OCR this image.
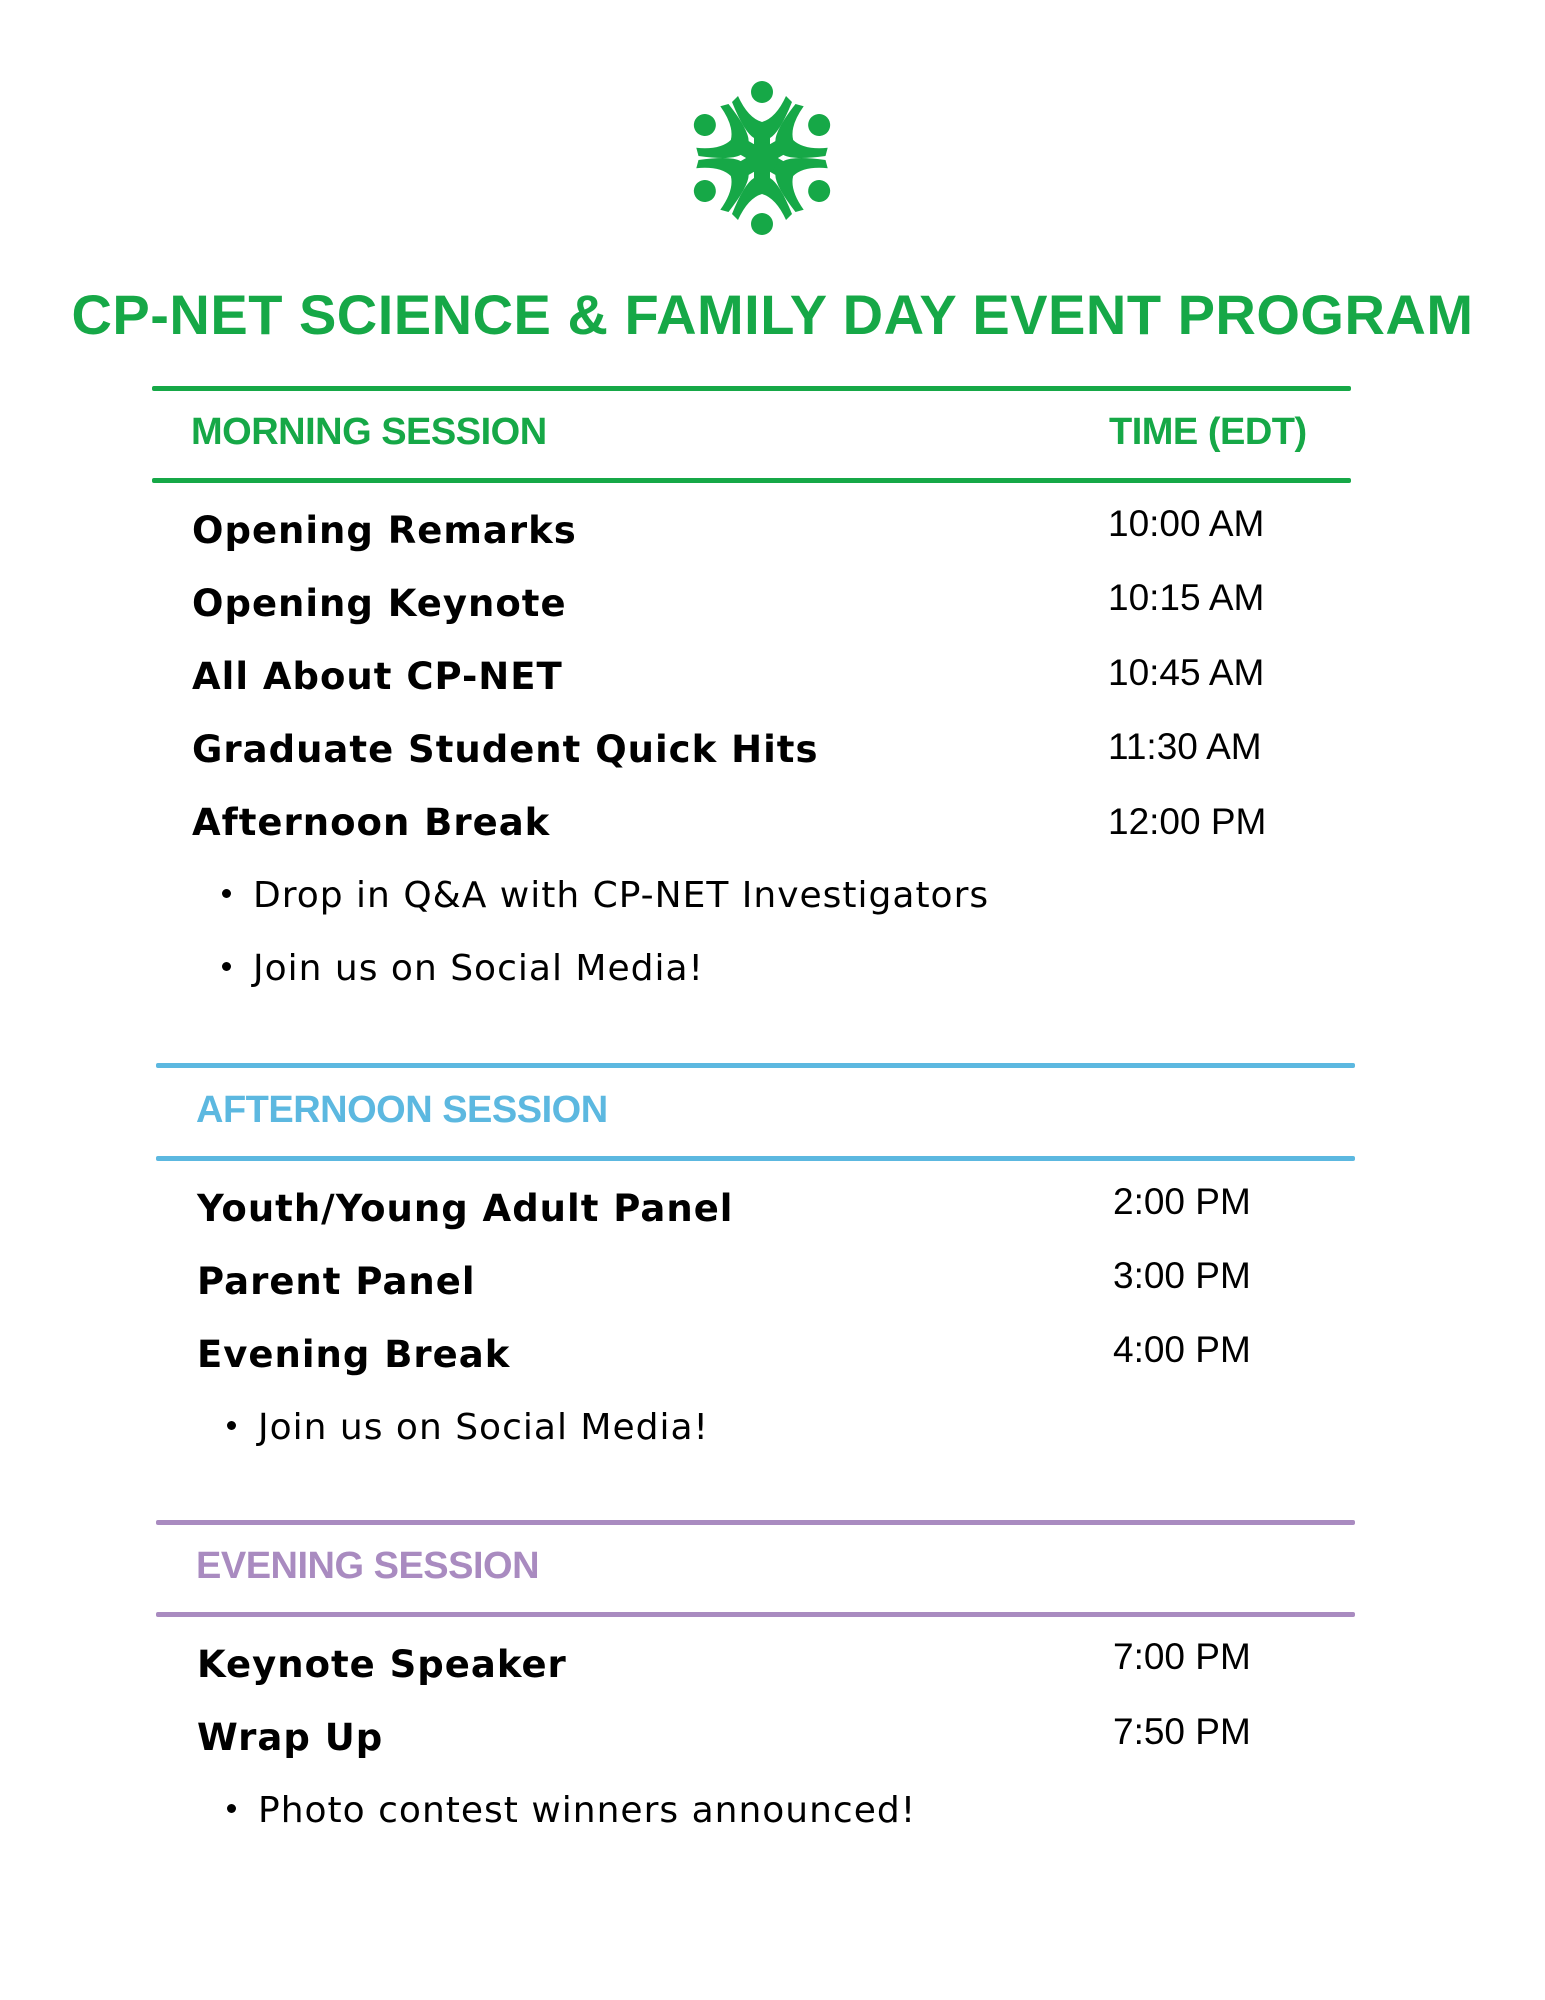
CP-NET SCIENCE & FAMILY DAY EVENT PROGRAM
MORNING SESSION	TIME (EDT)
Opening Remarks	10:00 AM
Opening Keynote	10:15 AM
All About CP-NET	10:45 AM
Graduate Student Quick Hits	11:30 AM
Afternoon Break	12:00 PM
Drop in Q&A with CP-NET Investigators
Join us on Social Media!
AFTERNOON SESSION
Youth/Young Adult Panel	2:00 PM
Parent Panel	3:00 PM
Evening Break	4:00 PM
Join us on Social Media!
EVENING SESSION
Keynote Speaker	7:00 PM
Wrap Up	7:50 PM
Photo contest winners announced!
